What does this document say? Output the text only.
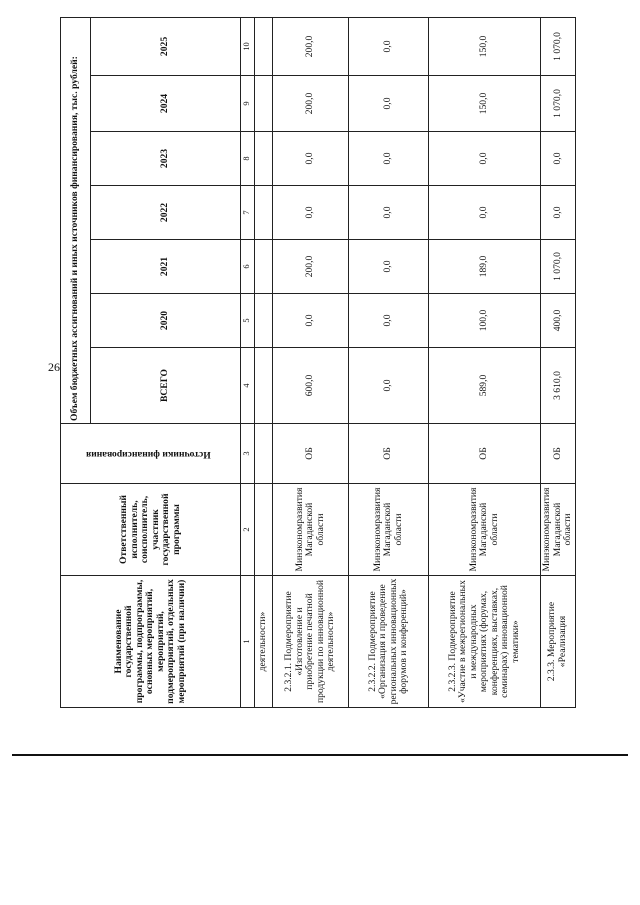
26
Наименование государственной программы, подпрограммы, основных мероприятий, мероприятий, подмероприятий, отдельных мероприятий (при наличии)	Ответственный исполнитель, соисполнитель, участник государственной программы	Источники финансирования	Объем бюджетных ассигнований и иных источников финансирования, тыс. рублей:						
			ВСЕГО	2020	2021	2022	2023	2024	2025
1	2	3	4	5	6	7	8	9	10
деятельности»									
2.3.2.1. Подмероприятие «Изготовление и приобретение печатной продукции по инновационной деятельности»	Минэкономразвития Магаданской области	ОБ	600,0	0,0	200,0	0,0	0,0	200,0	200,0
2.3.2.2. Подмероприятие «Организация и проведение региональных инновационных форумов и конференций»	Минэкономразвития Магаданской области	ОБ	0,0	0,0	0,0	0,0	0,0	0,0	0,0
2.3.2.3. Подмероприятие «Участие в межрегиональных и международных мероприятиях (форумах, конференциях, выставках, семинарах) инновационной тематики»	Минэкономразвития Магаданской области	ОБ	589,0	100,0	189,0	0,0	0,0	150,0	150,0
2.3.3. Мероприятие «Реализация	Минэкономразвития Магаданской области	ОБ	3 610,0	400,0	1 070,0	0,0	0,0	1 070,0	1 070,0
